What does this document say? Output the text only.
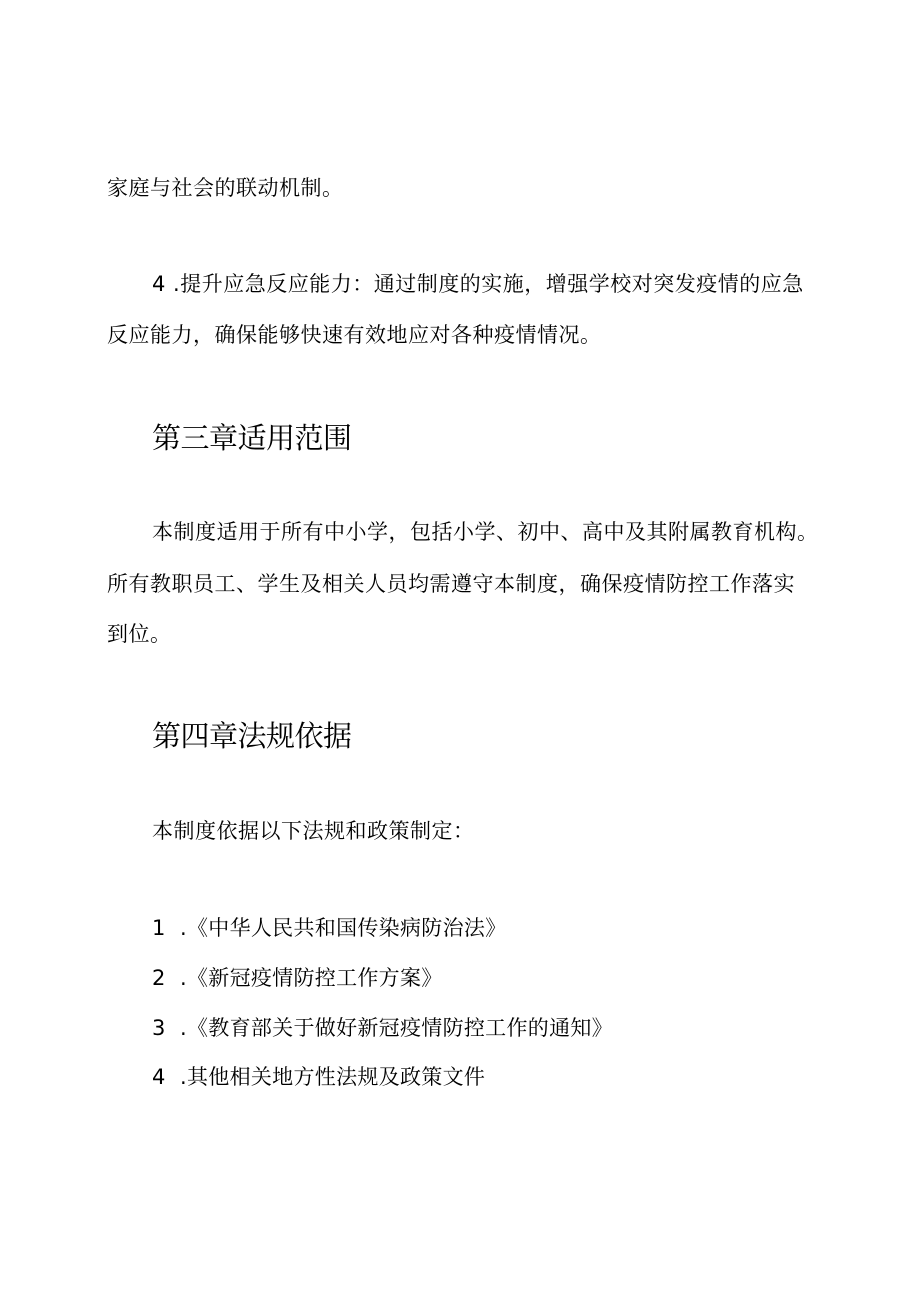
家庭与社会的联动机制。
4 .提升应急反应能力：通过制度的实施，增强学校对突发疫情的应急
反应能力，确保能够快速有效地应对各种疫情情况。
第三章适用范围
本制度适用于所有中小学，包括小学、初中、高中及其附属教育机构。
所有教职员工、学生及相关人员均需遵守本制度，确保疫情防控工作落实
到位。
第四章法规依据
本制度依据以下法规和政策制定：
1 .《中华人民共和国传染病防治法》
2 .《新冠疫情防控工作方案》
3 .《教育部关于做好新冠疫情防控工作的通知》
4 .其他相关地方性法规及政策文件
